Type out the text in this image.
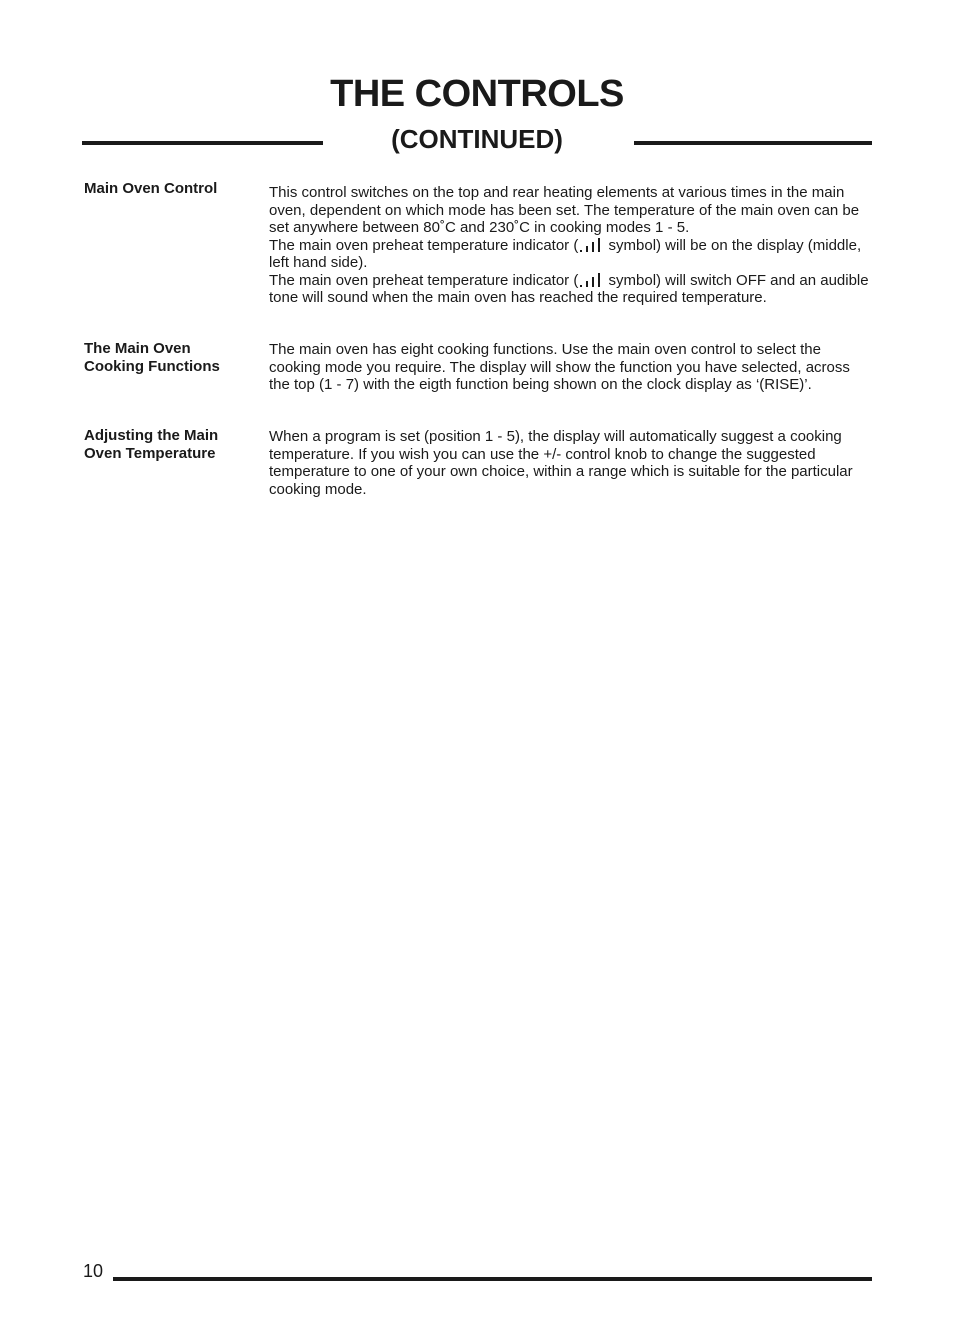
THE CONTROLS
(CONTINUED)
Main Oven Control	This control switches on the top and rear heating elements at various times in the main oven, dependent on which mode has been set. The temperature of the main oven can be set anywhere between 80˚C and 230˚C in cooking modes 1 - 5.

The main oven preheat temperature indicator ( symbol) will be on the display (middle, left hand side).

The main oven preheat temperature indicator ( symbol) will switch OFF and an audible tone will sound when the main oven has reached the required temperature.

The Main Oven
Cooking Functions

The main oven has eight cooking functions. Use the main oven control to select the cooking mode you require. The display will show the function you have selected, across the top (1 - 7) with the eigth function being shown on the clock display as ‘(RISE)’.

Adjusting the Main
Oven Temperature

When a program is set (position 1 - 5), the display will automatically suggest a cooking temperature. If you wish you can use the +/- control knob to change the suggested temperature to one of your own choice, within a range which is suitable for the particular cooking mode.

10
